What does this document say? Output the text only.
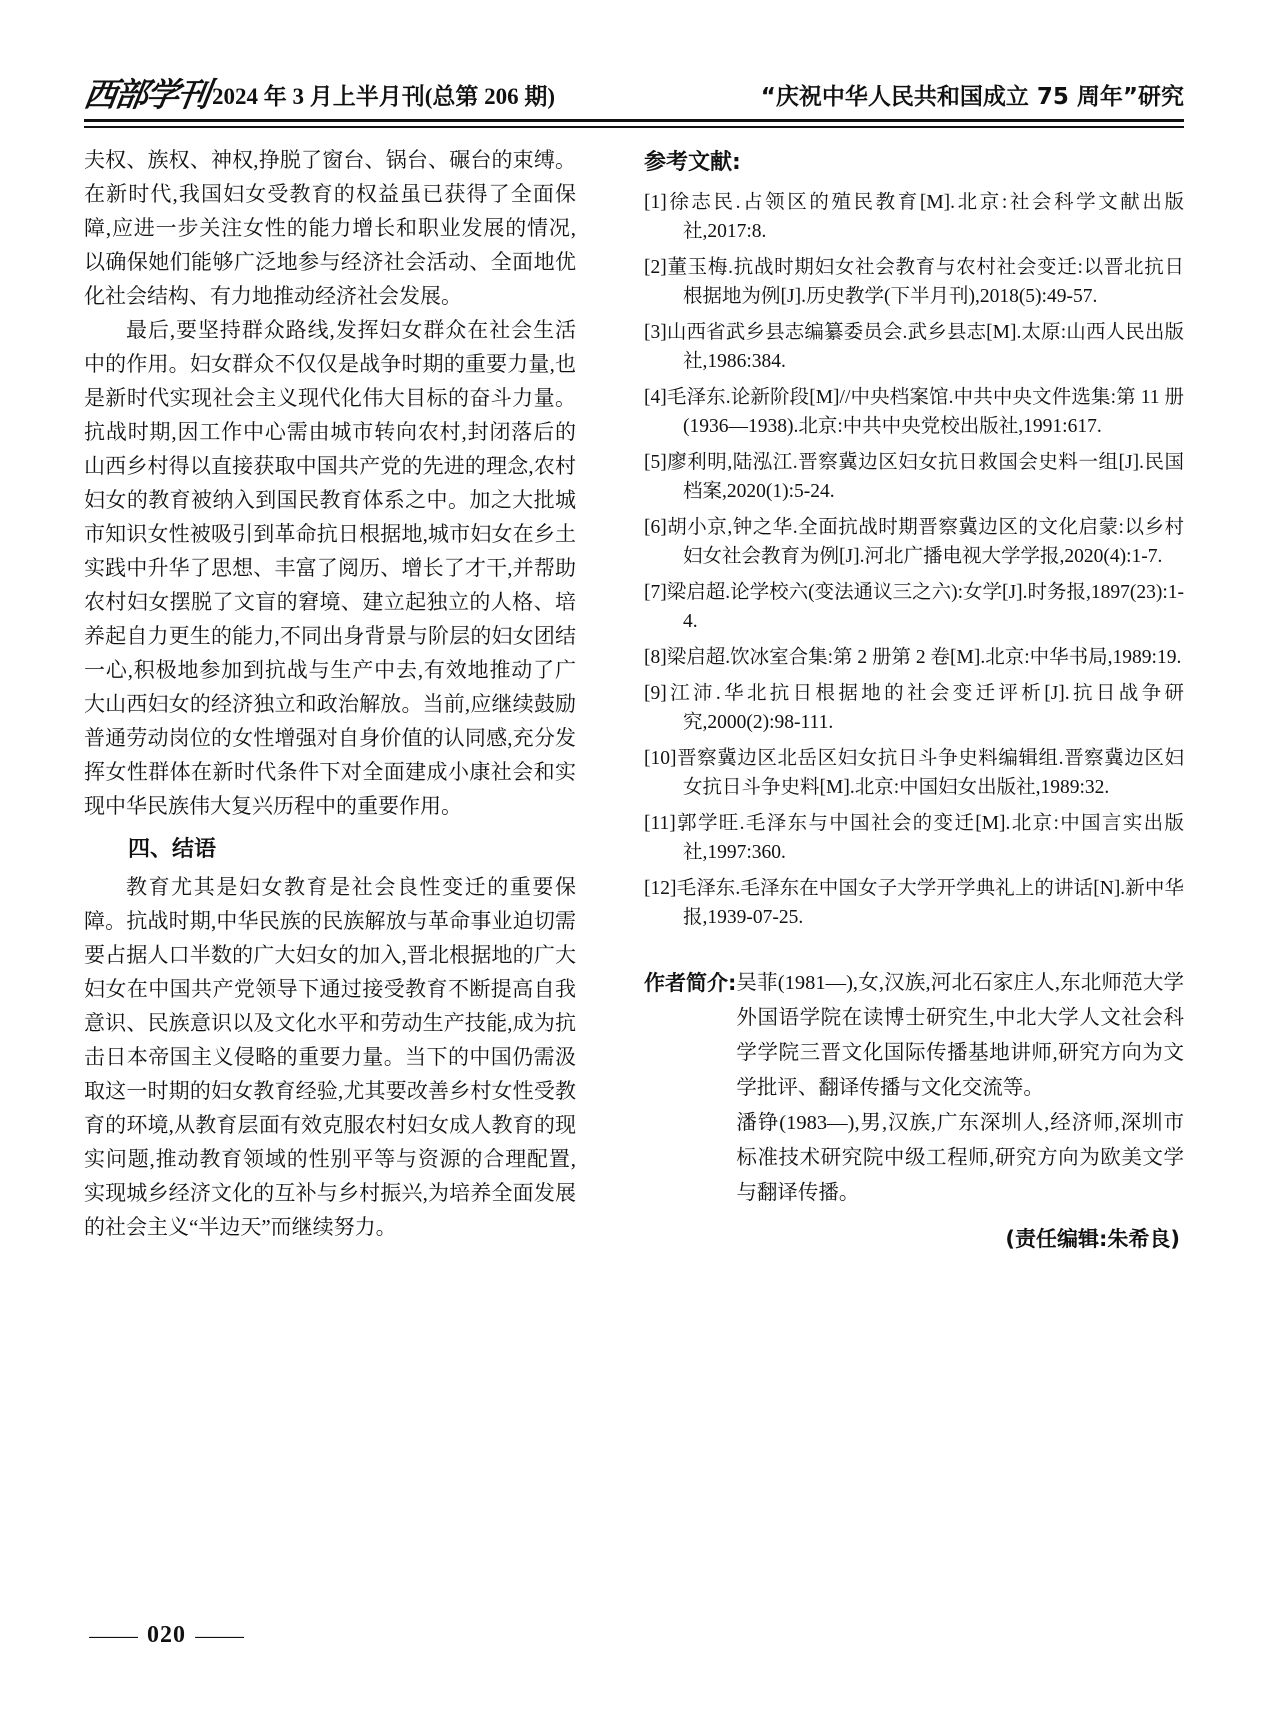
西部学刊 2024 年 3 月上半月刊(总第 206 期)	“庆祝中华人民共和国成立 75 周年”研究

夫权、族权、神权,挣脱了窗台、锅台、碾台的束缚。在新时代,我国妇女受教育的权益虽已获得了全面保障,应进一步关注女性的能力增长和职业发展的情况,以确保她们能够广泛地参与经济社会活动、全面地优化社会结构、有力地推动经济社会发展。

最后,要坚持群众路线,发挥妇女群众在社会生活中的作用。妇女群众不仅仅是战争时期的重要力量,也是新时代实现社会主义现代化伟大目标的奋斗力量。抗战时期,因工作中心需由城市转向农村,封闭落后的山西乡村得以直接获取中国共产党的先进的理念,农村妇女的教育被纳入到国民教育体系之中。加之大批城市知识女性被吸引到革命抗日根据地,城市妇女在乡土实践中升华了思想、丰富了阅历、增长了才干,并帮助农村妇女摆脱了文盲的窘境、建立起独立的人格、培养起自力更生的能力,不同出身背景与阶层的妇女团结一心,积极地参加到抗战与生产中去,有效地推动了广大山西妇女的经济独立和政治解放。当前,应继续鼓励普通劳动岗位的女性增强对自身价值的认同感,充分发挥女性群体在新时代条件下对全面建成小康社会和实现中华民族伟大复兴历程中的重要作用。

四、结语

教育尤其是妇女教育是社会良性变迁的重要保障。抗战时期,中华民族的民族解放与革命事业迫切需要占据人口半数的广大妇女的加入,晋北根据地的广大妇女在中国共产党领导下通过接受教育不断提高自我意识、民族意识以及文化水平和劳动生产技能,成为抗击日本帝国主义侵略的重要力量。当下的中国仍需汲取这一时期的妇女教育经验,尤其要改善乡村女性受教育的环境,从教育层面有效克服农村妇女成人教育的现实问题,推动教育领域的性别平等与资源的合理配置,实现城乡经济文化的互补与乡村振兴,为培养全面发展的社会主义“半边天”而继续努力。

参考文献:
[1]徐志民.占领区的殖民教育[M].北京:社会科学文献出版社,2017:8.
[2]董玉梅.抗战时期妇女社会教育与农村社会变迁:以晋北抗日根据地为例[J].历史教学(下半月刊),2018(5):49-57.
[3]山西省武乡县志编纂委员会.武乡县志[M].太原:山西人民出版社,1986:384.
[4]毛泽东.论新阶段[M]//中央档案馆.中共中央文件选集:第 11 册(1936—1938).北京:中共中央党校出版社,1991:617.
[5]廖利明,陆泓江.晋察冀边区妇女抗日救国会史料一组[J].民国档案,2020(1):5-24.
[6]胡小京,钟之华.全面抗战时期晋察冀边区的文化启蒙:以乡村妇女社会教育为例[J].河北广播电视大学学报,2020(4):1-7.
[7]梁启超.论学校六(变法通议三之六):女学[J].时务报,1897(23):1-4.
[8]梁启超.饮冰室合集:第 2 册第 2 卷[M].北京:中华书局,1989:19.
[9]江沛.华北抗日根据地的社会变迁评析[J].抗日战争研究,2000(2):98-111.
[10]晋察冀边区北岳区妇女抗日斗争史料编辑组.晋察冀边区妇女抗日斗争史料[M].北京:中国妇女出版社,1989:32.
[11]郭学旺.毛泽东与中国社会的变迁[M].北京:中国言实出版社,1997:360.
[12]毛泽东.毛泽东在中国女子大学开学典礼上的讲话[N].新中华报,1939-07-25.
作者简介: 吴菲(1981—),女,汉族,河北石家庄人,东北师范大学外国语学院在读博士研究生,中北大学人文社会科学学院三晋文化国际传播基地讲师,研究方向为文学批评、翻译传播与文化交流等。

潘铮(1983—),男,汉族,广东深圳人,经济师,深圳市标准技术研究院中级工程师,研究方向为欧美文学与翻译传播。

(责任编辑:朱希良)
— 020 —
